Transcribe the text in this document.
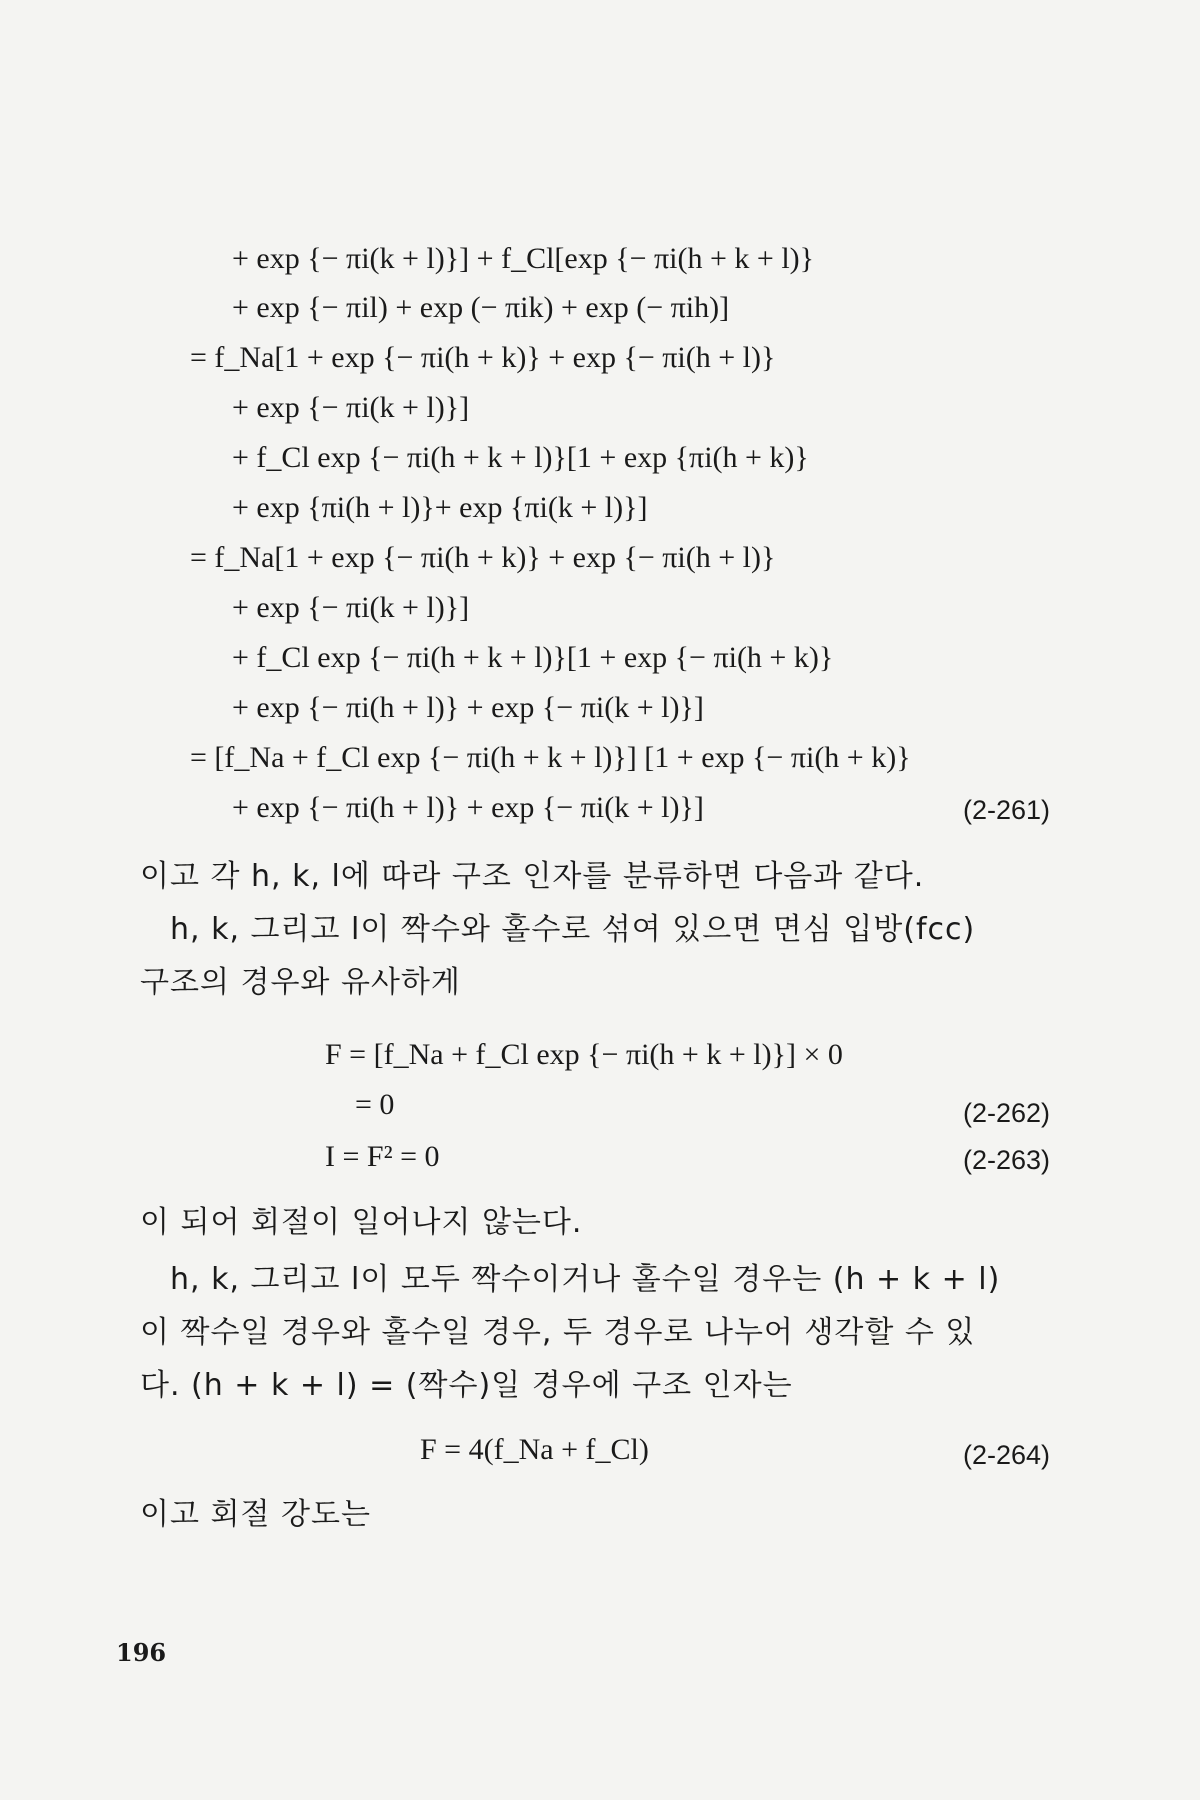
+ exp {− πi(k + l)}] + f_Cl[exp {− πi(h + k + l)}
+ exp {− πil) + exp (− πik) + exp (− πih)]
= f_Na[1 + exp {− πi(h + k)} + exp {− πi(h + l)}
+ exp {− πi(k + l)}]
+ f_Cl exp {− πi(h + k + l)}[1 + exp {πi(h + k)}
+ exp {πi(h + l)}+ exp {πi(k + l)}]
= f_Na[1 + exp {− πi(h + k)} + exp {− πi(h + l)}
+ exp {− πi(k + l)}]
+ f_Cl exp {− πi(h + k + l)}[1 + exp {− πi(h + k)}
+ exp {− πi(h + l)} + exp {− πi(k + l)}]
= [f_Na + f_Cl exp {− πi(h + k + l)}] [1 + exp {− πi(h + k)}
+ exp {− πi(h + l)} + exp {− πi(k + l)}]	(2-261)
이고 각 h, k, l에 따라 구조 인자를 분류하면 다음과 같다.
h, k, 그리고 l이 짝수와 홀수로 섞여 있으면 면심 입방(fcc)
구조의 경우와 유사하게
F = [f_Na + f_Cl exp {− πi(h + k + l)}] × 0
= 0	(2-262)
I = F² = 0	(2-263)
이 되어 회절이 일어나지 않는다.
h, k, 그리고 l이 모두 짝수이거나 홀수일 경우는 (h + k + l)
이 짝수일 경우와 홀수일 경우, 두 경우로 나누어 생각할 수 있
다. (h + k + l) = (짝수)일 경우에 구조 인자는
F = 4(f_Na + f_Cl)	(2-264)
이고 회절 강도는
196
